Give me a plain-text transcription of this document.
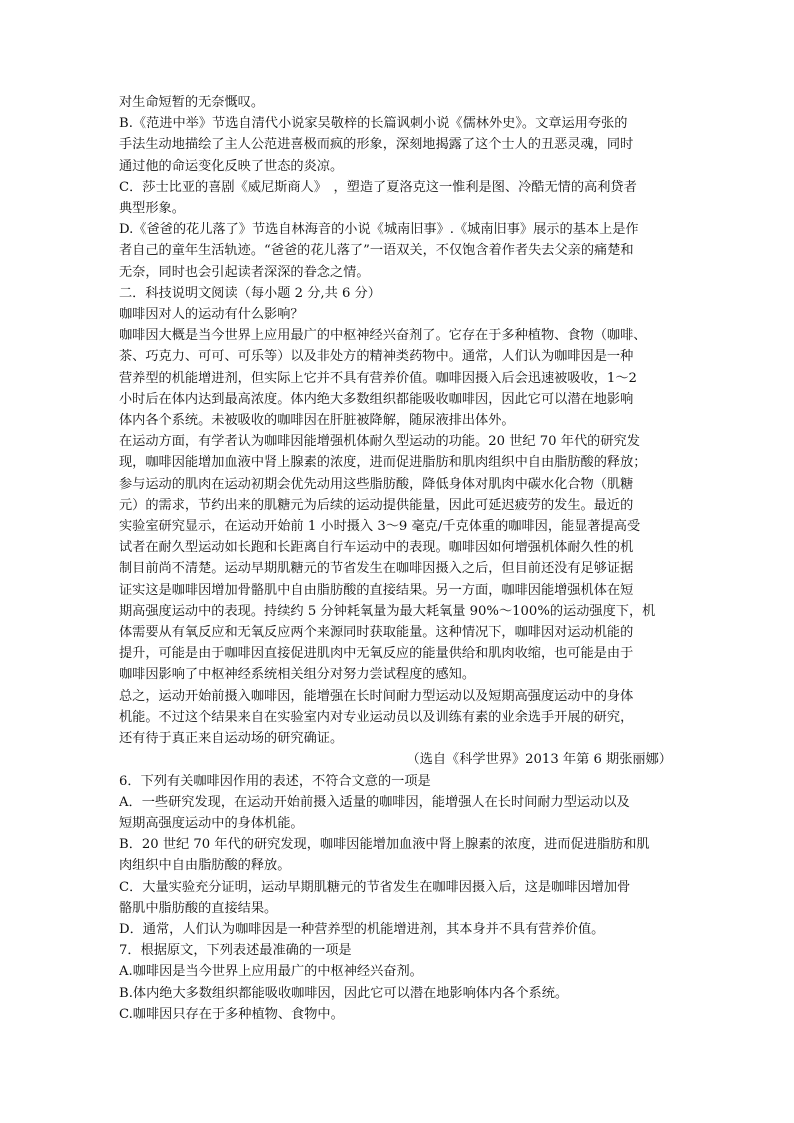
对生命短暂的无奈慨叹。
B.《范进中举》节选自清代小说家吴敬梓的长篇讽刺小说《儒林外史》。文章运用夸张的
手法生动地描绘了主人公范进喜极而疯的形象，深刻地揭露了这个士人的丑恶灵魂，同时
通过他的命运变化反映了世态的炎凉。
C．莎士比亚的喜剧《威尼斯商人》　，塑造了夏洛克这一惟利是图、冷酷无情的高利贷者
典型形象。
D.《爸爸的花儿落了》节选自林海音的小说《城南旧事》.《城南旧事》展示的基本上是作
者自己的童年生活轨迹。“爸爸的花儿落了”一语双关，不仅饱含着作者失去父亲的痛楚和
无奈，同时也会引起读者深深的眷念之情。
二．科技说明文阅读（每小题 2 分,共 6 分）
咖啡因对人的运动有什么影响？
咖啡因大概是当今世界上应用最广的中枢神经兴奋剂了。它存在于多种植物、食物（咖啡、
茶、巧克力、可可、可乐等）以及非处方的精神类药物中。通常，人们认为咖啡因是一种
营养型的机能增进剂，但实际上它并不具有营养价值。咖啡因摄入后会迅速被吸收，1～2
小时后在体内达到最高浓度。体内绝大多数组织都能吸收咖啡因，因此它可以潜在地影响
体内各个系统。未被吸收的咖啡因在肝脏被降解，随尿液排出体外。
在运动方面，有学者认为咖啡因能增强机体耐久型运动的功能。20 世纪 70 年代的研究发
现，咖啡因能增加血液中肾上腺素的浓度，进而促进脂肪和肌肉组织中自由脂肪酸的释放；
参与运动的肌肉在运动初期会优先动用这些脂肪酸，降低身体对肌肉中碳水化合物（肌糖
元）的需求，节约出来的肌糖元为后续的运动提供能量，因此可延迟疲劳的发生。最近的
实验室研究显示，在运动开始前 1 小时摄入 3～9 毫克/千克体重的咖啡因，能显著提高受
试者在耐久型运动如长跑和长距离自行车运动中的表现。咖啡因如何增强机体耐久性的机
制目前尚不清楚。运动早期肌糖元的节省发生在咖啡因摄入之后，但目前还没有足够证据
证实这是咖啡因增加骨骼肌中自由脂肪酸的直接结果。另一方面，咖啡因能增强机体在短
期高强度运动中的表现。持续约 5 分钟耗氧量为最大耗氧量 90%～100%的运动强度下，机
体需要从有氧反应和无氧反应两个来源同时获取能量。这种情况下，咖啡因对运动机能的
提升，可能是由于咖啡因直接促进肌肉中无氧反应的能量供给和肌肉收缩，也可能是由于
咖啡因影响了中枢神经系统相关组分对努力尝试程度的感知。
总之，运动开始前摄入咖啡因，能增强在长时间耐力型运动以及短期高强度运动中的身体
机能。不过这个结果来自在实验室内对专业运动员以及训练有素的业余选手开展的研究，
还有待于真正来自运动场的研究确证。
（选自《科学世界》2013 年第 6 期张丽娜）
6．下列有关咖啡因作用的表述，不符合文意的一项是
A．一些研究发现，在运动开始前摄入适量的咖啡因，能增强人在长时间耐力型运动以及
短期高强度运动中的身体机能。
B．20 世纪 70 年代的研究发现，咖啡因能增加血液中肾上腺素的浓度，进而促进脂肪和肌
肉组织中自由脂肪酸的释放。
C．大量实验充分证明，运动早期肌糖元的节省发生在咖啡因摄入后，这是咖啡因增加骨
骼肌中脂肪酸的直接结果。
D．通常，人们认为咖啡因是一种营养型的机能增进剂，其本身并不具有营养价值。
7．根据原文，下列表述最准确的一项是
A.咖啡因是当今世界上应用最广的中枢神经兴奋剂。
B.体内绝大多数组织都能吸收咖啡因，因此它可以潜在地影响体内各个系统。
C.咖啡因只存在于多种植物、食物中。
